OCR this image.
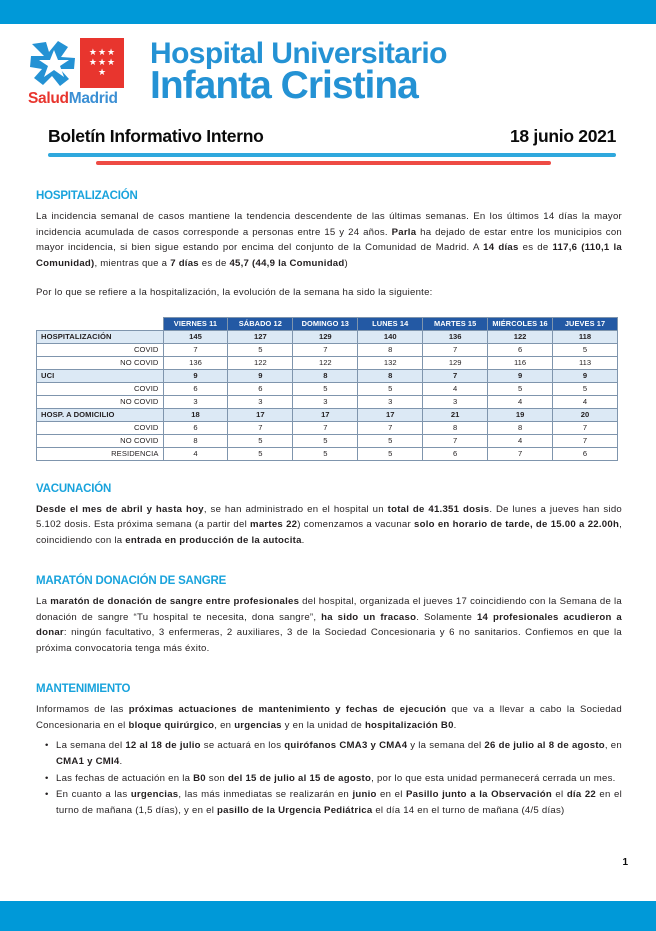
★ ★ ★
★ ★ ★
★
SaludMadrid
Hospital Universitario
Infanta Cristina
Boletín Informativo Interno	18 junio 2021
HOSPITALIZACIÓN

La incidencia semanal de casos mantiene la tendencia descendente de las últimas semanas. En los últimos 14 días la mayor incidencia acumulada de casos corresponde a personas entre 15 y 24 años. Parla ha dejado de estar entre los municipios con mayor incidencia, si bien sigue estando por encima del conjunto de la Comunidad de Madrid. A 14 días es de 117,6 (110,1 la Comunidad), mientras que a 7 días es de 45,7 (44,9 la Comunidad)

Por lo que se refiere a la hospitalización, la evolución de la semana ha sido la siguiente:

	VIERNES 11	SÁBADO 12	DOMINGO 13	LUNES 14	MARTES 15	MIÉRCOLES 16	JUEVES 17
HOSPITALIZACIÓN	145	127	129	140	136	122	118
COVID	7	5	7	8	7	6	5
NO COVID	136	122	122	132	129	116	113
UCI	9	9	8	8	7	9	9
COVID	6	6	5	5	4	5	5
NO COVID	3	3	3	3	3	4	4
HOSP. A DOMICILIO	18	17	17	17	21	19	20
COVID	6	7	7	7	8	8	7
NO COVID	8	5	5	5	7	4	7
RESIDENCIA	4	5	5	5	6	7	6
VACUNACIÓN

Desde el mes de abril y hasta hoy, se han administrado en el hospital un total de 41.351 dosis. De lunes a jueves han sido 5.102 dosis. Esta próxima semana (a partir del martes 22) comenzamos a vacunar solo en horario de tarde, de 15.00 a 22.00h, coincidiendo con la entrada en producción de la autocita.

MARATÓN DONACIÓN DE SANGRE

La maratón de donación de sangre entre profesionales del hospital, organizada el jueves 17 coincidiendo con la Semana de la donación de sangre “Tu hospital te necesita, dona sangre”, ha sido un fracaso. Solamente 14 profesionales acudieron a donar: ningún facultativo, 3 enfermeras, 2 auxiliares, 3 de la Sociedad Concesionaria y 6 no sanitarios. Confiemos en que la próxima convocatoria tenga más éxito.

MANTENIMIENTO

Informamos de las próximas actuaciones de mantenimiento y fechas de ejecución que va a llevar a cabo la Sociedad Concesionaria en el bloque quirúrgico, en urgencias y en la unidad de hospitalización B0.

• La semana del 12 al 18 de julio se actuará en los quirófanos CMA3 y CMA4 y la semana del 26 de julio al 8 de agosto, en CMA1 y CMI4.
• Las fechas de actuación en la B0 son del 15 de julio al 15 de agosto, por lo que esta unidad permanecerá cerrada un mes.
• En cuanto a las urgencias, las más inmediatas se realizarán en junio en el Pasillo junto a la Observación el día 22 en el turno de mañana (1,5 días), y en el pasillo de la Urgencia Pediátrica el día 14 en el turno de mañana (4/5 días)
1
